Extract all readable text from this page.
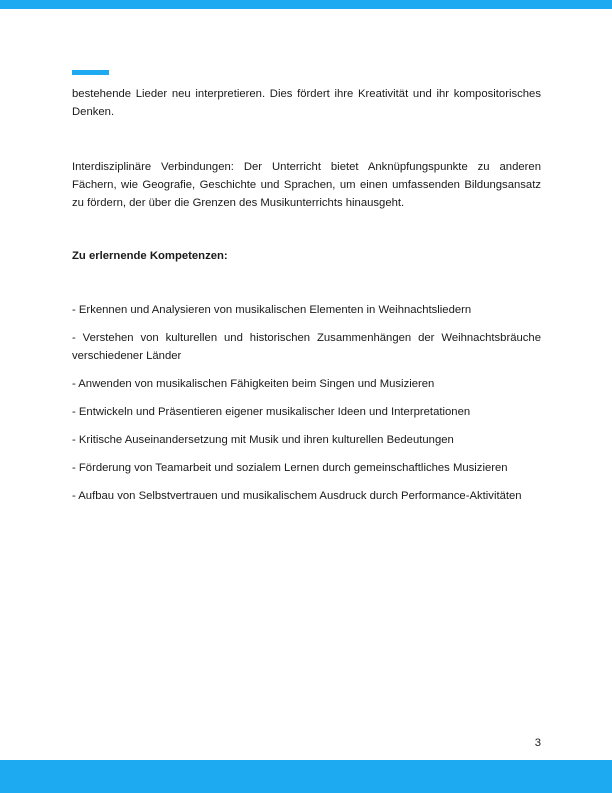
bestehende Lieder neu interpretieren. Dies fördert ihre Kreativität und ihr kompositorisches Denken.

Interdisziplinäre Verbindungen: Der Unterricht bietet Anknüpfungspunkte zu anderen Fächern, wie Geografie, Geschichte und Sprachen, um einen umfassenden Bildungsansatz zu fördern, der über die Grenzen des Musikunterrichts hinausgeht.

Zu erlernende Kompetenzen:

- Erkennen und Analysieren von musikalischen Elementen in Weihnachtsliedern
- Verstehen von kulturellen und historischen Zusammenhängen der Weihnachtsbräuche verschiedener Länder
- Anwenden von musikalischen Fähigkeiten beim Singen und Musizieren
- Entwickeln und Präsentieren eigener musikalischer Ideen und Interpretationen
- Kritische Auseinandersetzung mit Musik und ihren kulturellen Bedeutungen
- Förderung von Teamarbeit und sozialem Lernen durch gemeinschaftliches Musizieren
- Aufbau von Selbstvertrauen und musikalischem Ausdruck durch Performance-Aktivitäten
3
